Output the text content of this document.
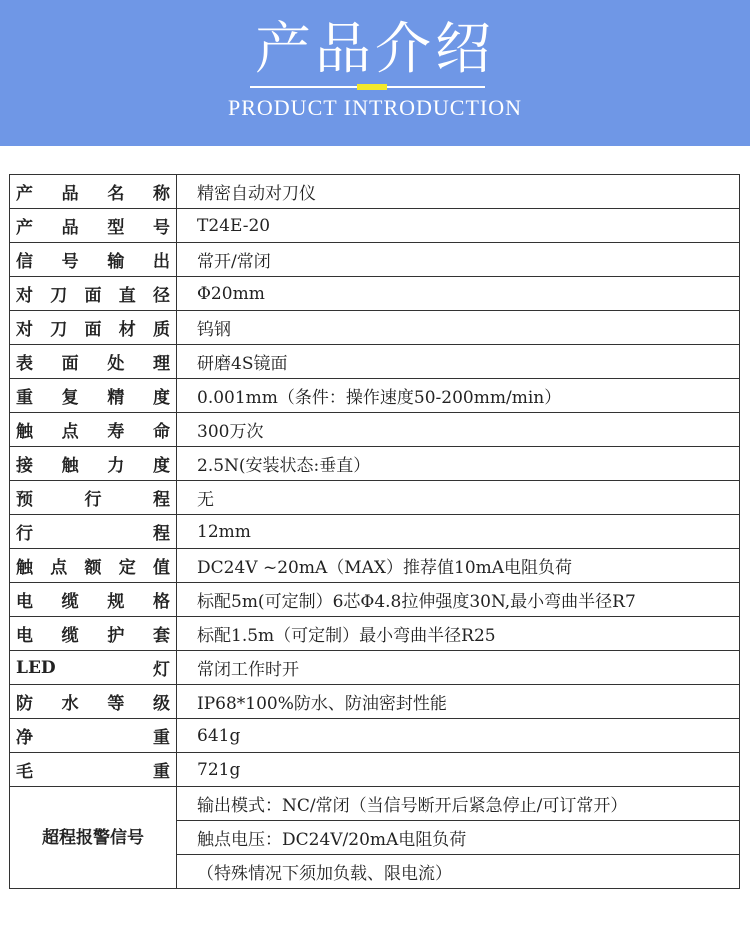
产品介绍
PRODUCT INTRODUCTION
产 品 名 称	精密自动对刀仪

产 品 型 号	T24E-20

信 号 输 出	常开/常闭

对 刀 面 直 径	Φ20mm

对 刀 面 材 质	钨钢

表 面 处 理	研磨4S镜面

重 复 精 度	0.001mm（条件：操作速度50-200mm/min）

触 点 寿 命	300万次

接 触 力 度	2.5N(安装状态:垂直）

预 行 程	无

行 程	12mm

触 点 额 定 值	DC24V ~20mA（MAX）推荐值10mA电阻负荷

电 缆 规 格	标配5m(可定制）6芯Φ4.8拉伸强度30N,最小弯曲半径R7

电 缆 护 套	标配1.5m（可定制）最小弯曲半径R25

LED 灯	常闭工作时开

防 水 等 级	IP68*100%防水、防油密封性能

净 重	641g

毛 重	721g
超程报警信号	输出模式：NC/常闭（当信号断开后紧急停止/可订常开）
	触点电压：DC24V/20mA电阻负荷
	（特殊情况下须加负载、限电流）
